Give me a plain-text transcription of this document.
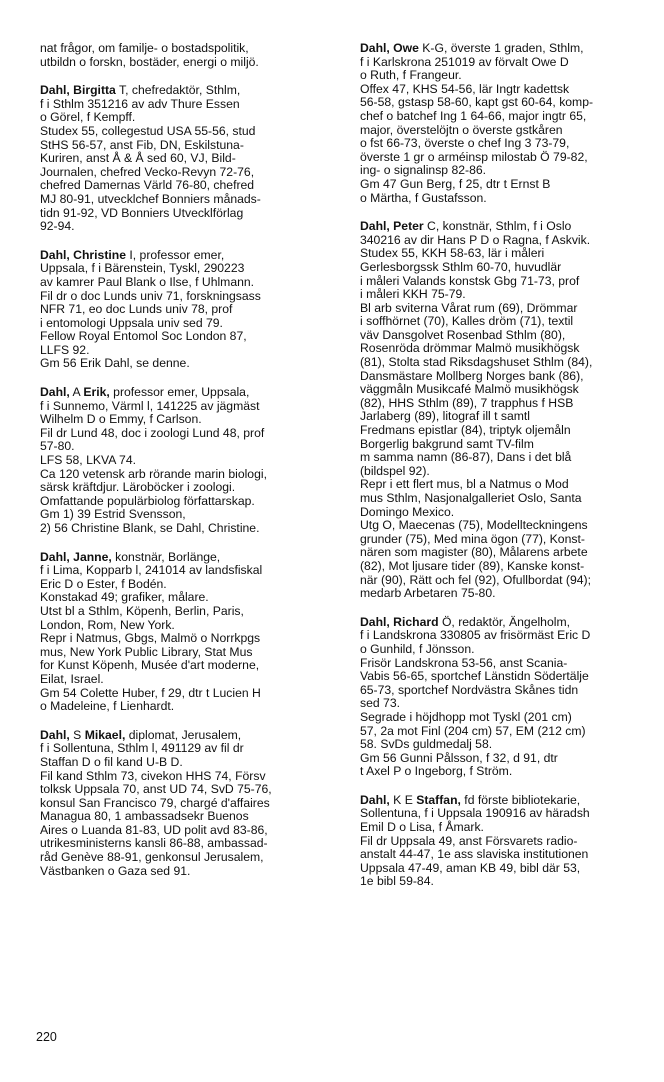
nat frågor, om familje- o bostadspolitik,
utbildn o forskn, bostäder, energi o miljö.
Dahl, Birgitta T, chefredaktör, Sthlm,
f i Sthlm 351216 av adv Thure Essen
o Görel, f Kempff.
Studex 55, collegestud USA 55-56, stud
StHS 56-57, anst Fib, DN, Eskilstuna-
Kuriren, anst Å & Å sed 60, VJ, Bild-
Journalen, chefred Vecko-Revyn 72-76,
chefred Damernas Värld 76-80, chefred
MJ 80-91, utvecklchef Bonniers månads-
tidn 91-92, VD Bonniers Utvecklförlag
92-94.
Dahl, Christine I, professor emer,
Uppsala, f i Bärenstein, Tyskl, 290223
av kamrer Paul Blank o Ilse, f Uhlmann.
Fil dr o doc Lunds univ 71, forskningsass
NFR 71, eo doc Lunds univ 78, prof
i entomologi Uppsala univ sed 79.
Fellow Royal Entomol Soc London 87,
LLFS 92.
Gm 56 Erik Dahl, se denne.
Dahl, A Erik, professor emer, Uppsala,
f i Sunnemo, Värml l, 141225 av jägmäst
Wilhelm D o Emmy, f Carlson.
Fil dr Lund 48, doc i zoologi Lund 48, prof
57-80.
LFS 58, LKVA 74.
Ca 120 vetensk arb rörande marin biologi,
särsk kräftdjur. Läroböcker i zoologi.
Omfattande populärbiolog författarskap.
Gm 1) 39 Estrid Svensson,
2) 56 Christine Blank, se Dahl, Christine.
Dahl, Janne, konstnär, Borlänge,
f i Lima, Kopparb l, 241014 av landsfiskal
Eric D o Ester, f Bodén.
Konstakad 49; grafiker, målare.
Utst bl a Sthlm, Köpenh, Berlin, Paris,
London, Rom, New York.
Repr i Natmus, Gbgs, Malmö o Norrkpgs
mus, New York Public Library, Stat Mus
for Kunst Köpenh, Musée d'art moderne,
Eilat, Israel.
Gm 54 Colette Huber, f 29, dtr t Lucien H
o Madeleine, f Lienhardt.
Dahl, S Mikael, diplomat, Jerusalem,
f i Sollentuna, Sthlm l, 491129 av fil dr
Staffan D o fil kand U-B D.
Fil kand Sthlm 73, civekon HHS 74, Försv
tolksk Uppsala 70, anst UD 74, SvD 75-76,
konsul San Francisco 79, chargé d'affaires
Managua 80, 1 ambassadsekr Buenos
Aires o Luanda 81-83, UD polit avd 83-86,
utrikesministerns kansli 86-88, ambassad-
råd Genève 88-91, genkonsul Jerusalem,
Västbanken o Gaza sed 91.
Dahl, Owe K-G, överste 1 graden, Sthlm,
f i Karlskrona 251019 av förvalt Owe D
o Ruth, f Frangeur.
Offex 47, KHS 54-56, lär Ingtr kadettsk
56-58, gstasp 58-60, kapt gst 60-64, komp-
chef o batchef Ing 1 64-66, major ingtr 65,
major, överstelöjtn o överste gstkåren
o fst 66-73, överste o chef Ing 3 73-79,
överste 1 gr o arméinsp milostab Ö 79-82,
ing- o signalinsp 82-86.
Gm 47 Gun Berg, f 25, dtr t Ernst B
o Märtha, f Gustafsson.
Dahl, Peter C, konstnär, Sthlm, f i Oslo
340216 av dir Hans P D o Ragna, f Askvik.
Studex 55, KKH 58-63, lär i måleri
Gerlesborgssk Sthlm 60-70, huvudlär
i måleri Valands konstsk Gbg 71-73, prof
i måleri KKH 75-79.
Bl arb sviterna Vårat rum (69), Drömmar
i soffhörnet (70), Kalles dröm (71), textil
väv Dansgolvet Rosenbad Sthlm (80),
Rosenröda drömmar Malmö musikhögsk
(81), Stolta stad Riksdagshuset Sthlm (84),
Dansmästare Mollberg Norges bank (86),
väggmåln Musikcafé Malmö musikhögsk
(82), HHS Sthlm (89), 7 trapphus f HSB
Jarlaberg (89), litograf ill t samtl
Fredmans epistlar (84), triptyk oljemåln
Borgerlig bakgrund samt TV-film
m samma namn (86-87), Dans i det blå
(bildspel 92).
Repr i ett flert mus, bl a Natmus o Mod
mus Sthlm, Nasjonalgalleriet Oslo, Santa
Domingo Mexico.
Utg O, Maecenas (75), Modellteckningens
grunder (75), Med mina ögon (77), Konst-
nären som magister (80), Målarens arbete
(82), Mot ljusare tider (89), Kanske konst-
när (90), Rätt och fel (92), Ofullbordat (94);
medarb Arbetaren 75-80.
Dahl, Richard Ö, redaktör, Ängelholm,
f i Landskrona 330805 av frisörmäst Eric D
o Gunhild, f Jönsson.
Frisör Landskrona 53-56, anst Scania-
Vabis 56-65, sportchef Länstidn Södertälje
65-73, sportchef Nordvästra Skånes tidn
sed 73.
Segrade i höjdhopp mot Tyskl (201 cm)
57, 2a mot Finl (204 cm) 57, EM (212 cm)
58. SvDs guldmedalj 58.
Gm 56 Gunni Pålsson, f 32, d 91, dtr
t Axel P o Ingeborg, f Ström.
Dahl, K E Staffan, fd förste bibliotekarie,
Sollentuna, f i Uppsala 190916 av häradsh
Emil D o Lisa, f Åmark.
Fil dr Uppsala 49, anst Försvarets radio-
anstalt 44-47, 1e ass slaviska institutionen
Uppsala 47-49, aman KB 49, bibl där 53,
1e bibl 59-84.
220
